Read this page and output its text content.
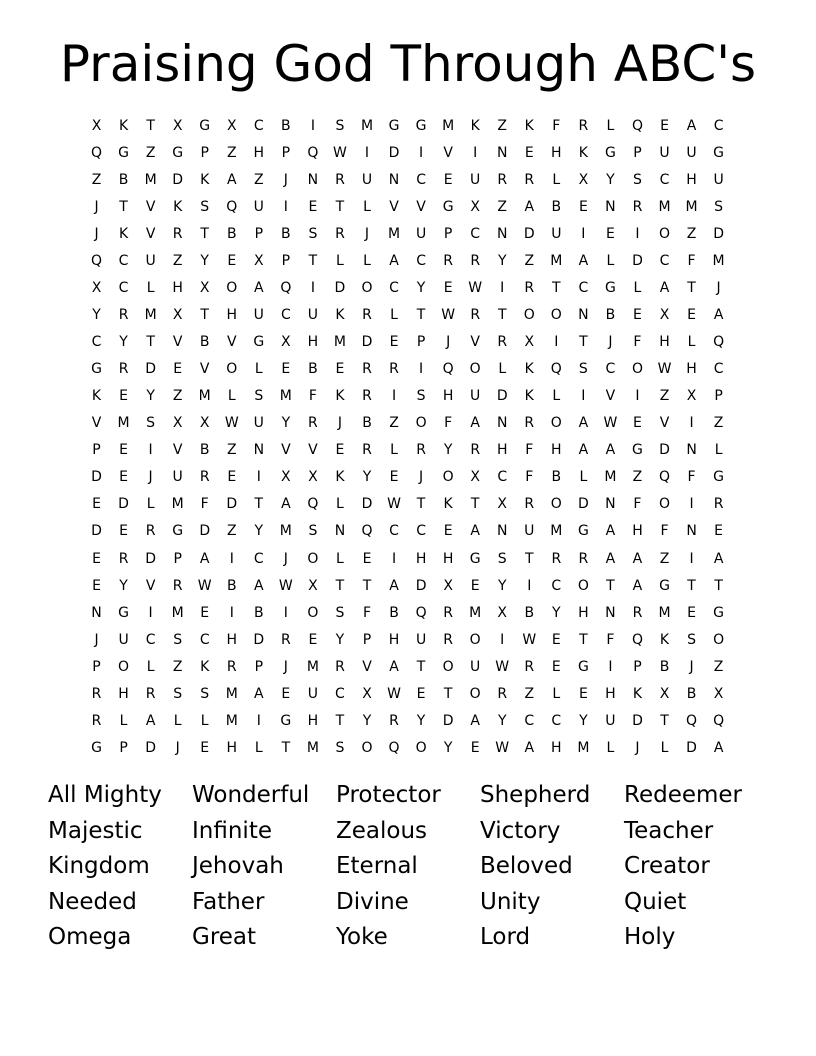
Praising God Through ABC's
X	K	T	X	G	X	C	B	I	S	M	G	G	M	K	Z	K	F	R	L	Q	E	A	C
Q	G	Z	G	P	Z	H	P	Q	W	I	D	I	V	I	N	E	H	K	G	P	U	U	G
Z	B	M	D	K	A	Z	J	N	R	U	N	C	E	U	R	R	L	X	Y	S	C	H	U
J	T	V	K	S	Q	U	I	E	T	L	V	V	G	X	Z	A	B	E	N	R	M	M	S
J	K	V	R	T	B	P	B	S	R	J	M	U	P	C	N	D	U	I	E	I	O	Z	D
Q	C	U	Z	Y	E	X	P	T	L	L	A	C	R	R	Y	Z	M	A	L	D	C	F	M
X	C	L	H	X	O	A	Q	I	D	O	C	Y	E	W	I	R	T	C	G	L	A	T	J
Y	R	M	X	T	H	U	C	U	K	R	L	T	W	R	T	O	O	N	B	E	X	E	A
C	Y	T	V	B	V	G	X	H	M	D	E	P	J	V	R	X	I	T	J	F	H	L	Q
G	R	D	E	V	O	L	E	B	E	R	R	I	Q	O	L	K	Q	S	C	O	W	H	C
K	E	Y	Z	M	L	S	M	F	K	R	I	S	H	U	D	K	L	I	V	I	Z	X	P
V	M	S	X	X	W	U	Y	R	J	B	Z	O	F	A	N	R	O	A	W	E	V	I	Z
P	E	I	V	B	Z	N	V	V	E	R	L	R	Y	R	H	F	H	A	A	G	D	N	L
D	E	J	U	R	E	I	X	X	K	Y	E	J	O	X	C	F	B	L	M	Z	Q	F	G
E	D	L	M	F	D	T	A	Q	L	D	W	T	K	T	X	R	O	D	N	F	O	I	R
D	E	R	G	D	Z	Y	M	S	N	Q	C	C	E	A	N	U	M	G	A	H	F	N	E
E	R	D	P	A	I	C	J	O	L	E	I	H	H	G	S	T	R	R	A	A	Z	I	A
E	Y	V	R	W	B	A	W	X	T	T	A	D	X	E	Y	I	C	O	T	A	G	T	T
N	G	I	M	E	I	B	I	O	S	F	B	Q	R	M	X	B	Y	H	N	R	M	E	G
J	U	C	S	C	H	D	R	E	Y	P	H	U	R	O	I	W	E	T	F	Q	K	S	O
P	O	L	Z	K	R	P	J	M	R	V	A	T	O	U	W	R	E	G	I	P	B	J	Z
R	H	R	S	S	M	A	E	U	C	X	W	E	T	O	R	Z	L	E	H	K	X	B	X
R	L	A	L	L	M	I	G	H	T	Y	R	Y	D	A	Y	C	C	Y	U	D	T	Q	Q
G	P	D	J	E	H	L	T	M	S	O	Q	O	Y	E	W	A	H	M	L	J	L	D	A
All Mighty	Wonderful	Protector	Shepherd	Redeemer
Majestic	Infinite	Zealous	Victory	Teacher
Kingdom	Jehovah	Eternal	Beloved	Creator
Needed	Father	Divine	Unity	Quiet
Omega	Great	Yoke	Lord	Holy
